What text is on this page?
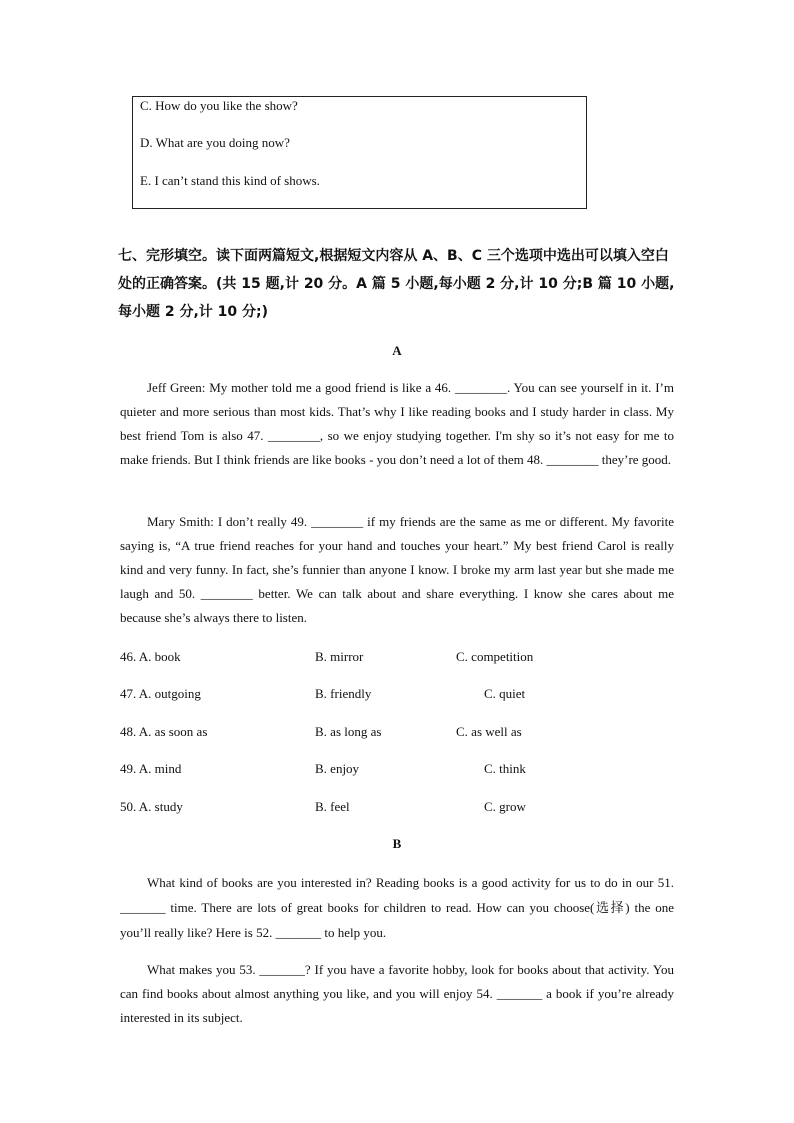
C. How do you like the show?
D. What are you doing now?
E. I can’t stand this kind of shows.
七、完形填空。读下面两篇短文,根据短文内容从 A、B、C 三个选项中选出可以填入空白处的正确答案。(共 15 题,计 20 分。A 篇 5 小题,每小题 2 分,计 10 分;B 篇 10 小题,每小题 2 分,计 10 分;)
A
Jeff Green: My mother told me a good friend is like a 46. ________. You can see yourself in it. I’m quieter and more serious than most kids. That’s why I like reading books and I study harder in class. My best friend Tom is also 47. ________, so we enjoy studying together. I'm shy so it’s not easy for me to make friends. But I think friends are like books - you don’t need a lot of them 48. ________ they’re good.
Mary Smith: I don’t really 49. ________ if my friends are the same as me or different. My favorite saying is, “A true friend reaches for your hand and touches your heart.” My best friend Carol is really kind and very funny. In fact, she’s funnier than anyone I know. I broke my arm last year but she made me laugh and 50. ________ better. We can talk about and share everything. I know she cares about me because she’s always there to listen.
46. A. book	B. mirror	C. competition
47. A. outgoing	B. friendly	C. quiet
48. A. as soon as	B. as long as	C. as well as
49. A. mind	B. enjoy	C. think
50. A. study	B. feel	C. grow
B
What kind of books are you interested in? Reading books is a good activity for us to do in our 51. _______ time. There are lots of great books for children to read. How can you choose(选择) the one you’ll really like? Here is 52. _______ to help you.
What makes you 53. _______? If you have a favorite hobby, look for books about that activity. You can find books about almost anything you like, and you will enjoy 54. _______ a book if you’re already interested in its subject.
